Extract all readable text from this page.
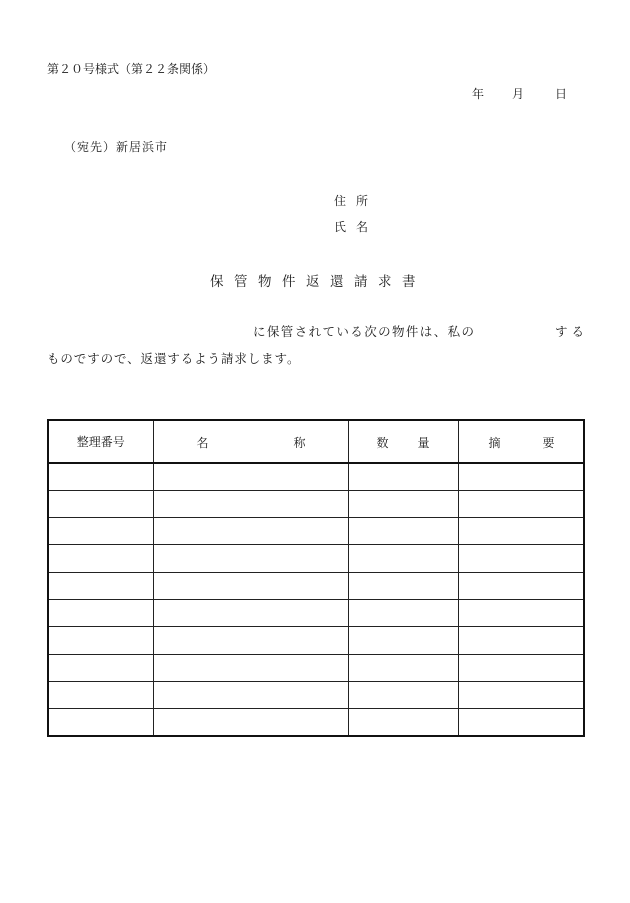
第２０号様式（第２２条関係）
年 月	日
（宛先）新居浜市
住所
氏名
保管物件返還請求書
に保管されている次の物件は、私の	する
ものですので、返還するよう請求します。
整理番号	名 称	数 量	摘 要
